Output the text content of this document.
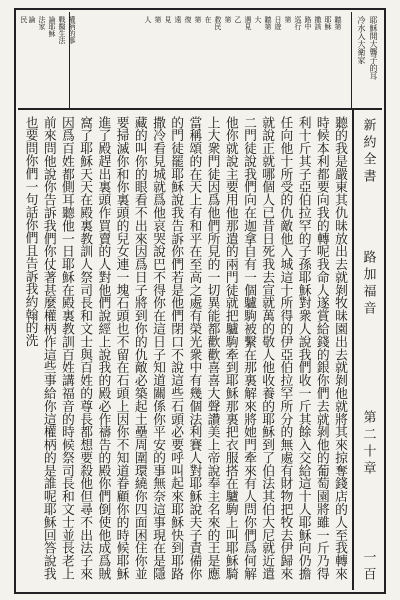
耶穌開大聾子的耳
冷水入大衛家
聽第
耶穌
撒該
路中
巡行
第
日遊
聽第
大
遇見
乙
第
救民
在
第
復
遠
見
第
人
權柄的事
戰醫生法
論耶穌
法家
論
民
新約全書
路加福音
第二十章
一百

聽的我是嚴東其仇昧放出去就剝牧昧園出去就剝他就將其來掠奪錢店的人至我轉來時候本利都要向我的轉呢我命人遂賞給錢的銀你們去就剝他的葡萄園將雖一斤乃得利十斤其子亞伯拉罕的子孫耶穌對衆人說我們收一斤其餘入交給這十人耶穌向仍擔任向他十所受的仇敵他入城這十所得的伊亞伯拉罕所分的無處有財物把牧去伊歸來就說正就哪個人已昔日死我去宣就萬的敬人他收養的耶穌到了伯法其伯大尼就近遣二門徒說我們向在迦拿自有一個驢駒被繫在那裏解來將她門牽來有人問你們爲何解他你就說主要用他那遣的兩門徒就把驢駒牽到耶穌那裏把衣服搭在驢駒上叫耶穌騎上大衆門徒因爲他們所見的一切異能都歡歡喜喜大聲讚美上帝說奉主名來的王是應當稱頌的在天上有和平在至高之處有榮光衆中有幾個法利賽人對耶穌說夫子責備你的門徒罷耶穌說我告訴你們若是他們閉口不說這些石頭必要呼叫起來耶穌快到耶路撒冷看見城就爲他哀哭說巴不得你在這日子知道關係你平安的事無奈這事現在是隱藏的叫你的眼看不出來因爲日子將到你的仇敵必築起土壘周圍環繞你四面困住你並要掃滅你和你裏頭的兒女連一塊石頭也不留在石頭上因你不知道眷顧你的時候耶穌進了殿趕出裏頭作買賣的人對他們說經上說我的殿必作禱告的殿你們倒使他成爲賊窩了耶穌天天在殿裏教訓人祭司長和文士與百姓的尊長都想要殺他但尋不出法子來因爲百姓都側耳聽他一日耶穌在殿裏教訓百姓講福音的時候祭司長和文士並長老上前來問他說你告訴我們你仗著甚麼權柄作這些事給你這權柄的是誰呢耶穌回答說我也要問你們一句話你們且告訴我約翰的洗
